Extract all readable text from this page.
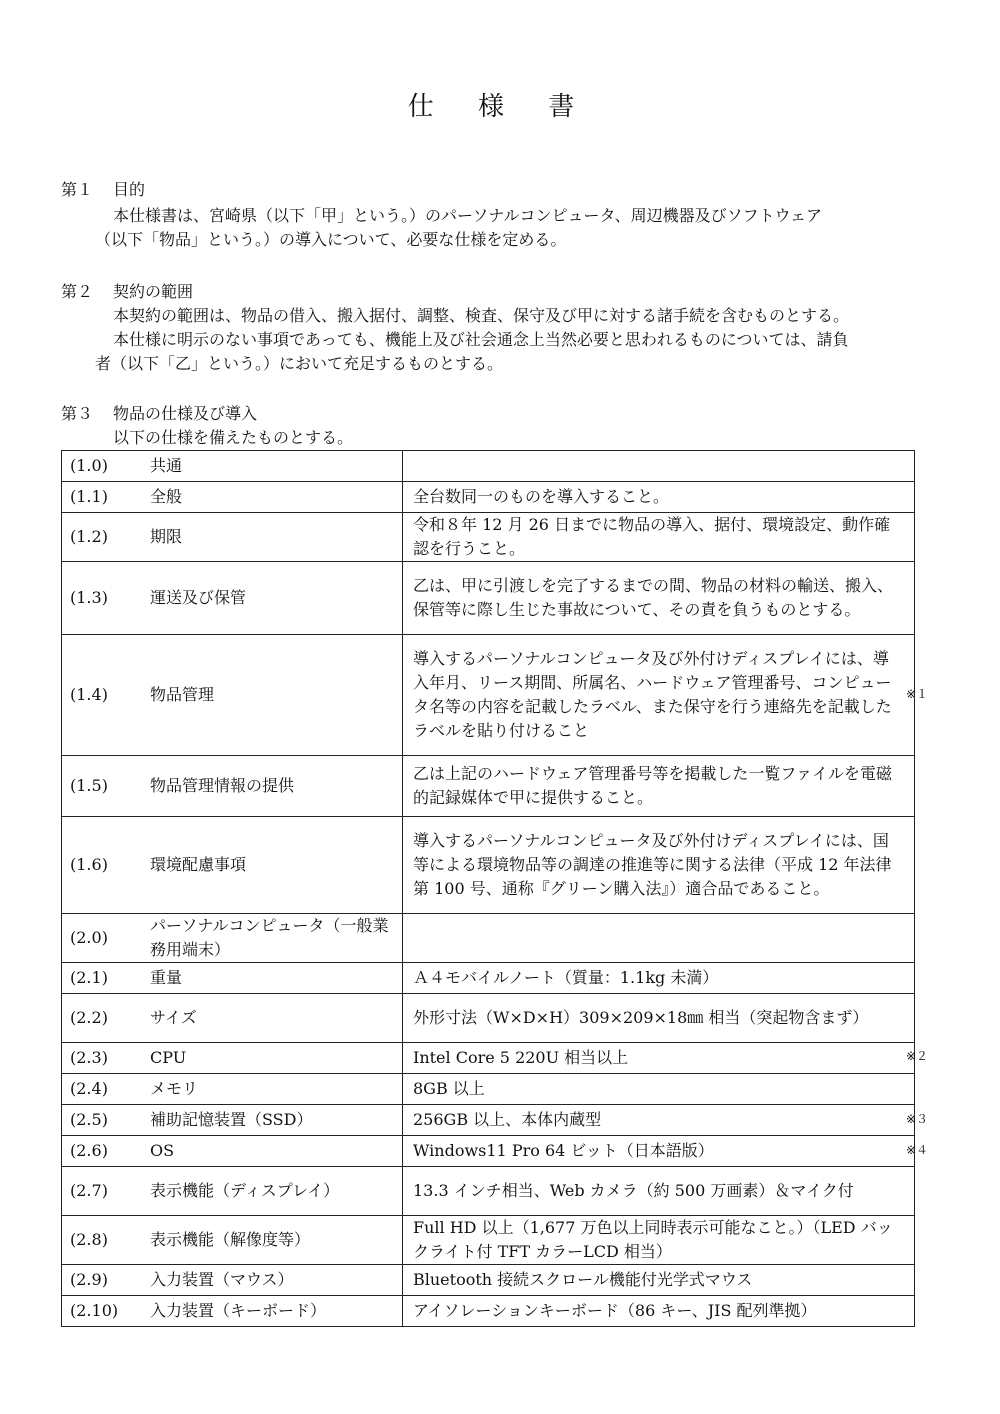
仕 様 書
第１ 目的
本仕様書は、宮崎県（以下「甲」という。）のパーソナルコンピュータ、周辺機器及びソフトウェア
（以下「物品」という。）の導入について、必要な仕様を定める。
第２ 契約の範囲
本契約の範囲は、物品の借入、搬入据付、調整、検査、保守及び甲に対する諸手続を含むものとする。
本仕様に明示のない事項であっても、機能上及び社会通念上当然必要と思われるものについては、請負
者（以下「乙」という。）において充足するものとする。
第３ 物品の仕様及び導入
以下の仕様を備えたものとする。
(1.0) 共通	

(1.1) 全般	全台数同一のものを導入すること。

(1.2) 期限	令和８年 12 月 26 日までに物品の導入、据付、環境設定、動作確認を行うこと。

(1.3) 運送及び保管	乙は、甲に引渡しを完了するまでの間、物品の材料の輸送、搬入、保管等に際し生じた事故について、その責を負うものとする。

(1.4) 物品管理	導入するパーソナルコンピュータ及び外付けディスプレイには、導入年月、リース期間、所属名、ハードウェア管理番号、コンピュータ名等の内容を記載したラベル、また保守を行う連絡先を記載したラベルを貼り付けること

(1.5) 物品管理情報の提供	乙は上記のハードウェア管理番号等を掲載した一覧ファイルを電磁的記録媒体で甲に提供すること。

(1.6) 環境配慮事項	導入するパーソナルコンピュータ及び外付けディスプレイには、国等による環境物品等の調達の推進等に関する法律（平成 12 年法律第 100 号、通称『グリーン購入法』）適合品であること。

(2.0)
パーソナルコンピュータ（一般業務用端末）	

(2.1) 重量	Ａ４モバイルノート（質量：1.1kg 未満）

(2.2) サイズ	外形寸法（W×D×H）309×209×18㎜ 相当（突起物含まず）

(2.3) CPU	Intel Core 5 220U 相当以上

(2.4) メモリ	8GB 以上

(2.5) 補助記憶装置（SSD）	256GB 以上、本体内蔵型

(2.6) OS	Windows11 Pro 64 ビット（日本語版）

(2.7) 表示機能（ディスプレイ）	13.3 インチ相当、Web カメラ（約 500 万画素）＆マイク付

(2.8) 表示機能（解像度等）	Full HD 以上（1,677 万色以上同時表示可能なこと。）（LED バックライト付 TFT カラーLCD 相当）

(2.9) 入力装置（マウス）	Bluetooth 接続スクロール機能付光学式マウス

(2.10) 入力装置（キーボード）	アイソレーションキーボード（86 キー、JIS 配列準拠）
※１
※２
※３
※４
